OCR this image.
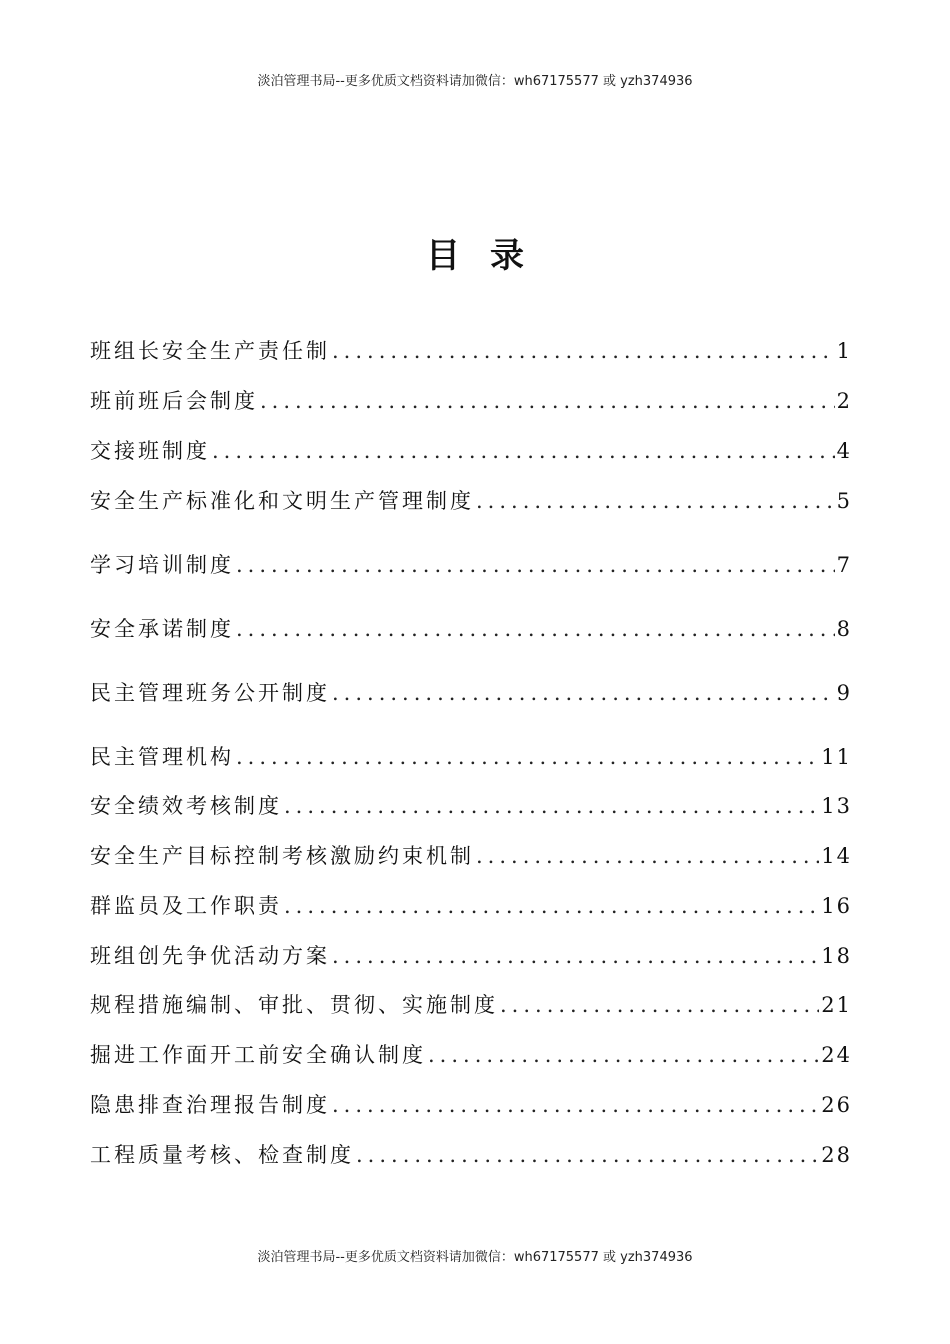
淡泊管理书局--更多优质文档资料请加微信：wh67175577 或 yzh374936
目录
班组长安全生产责任制 .....	1
班前班后会制度 .....	2
交接班制度 .....	4
安全生产标准化和文明生产管理制度 .....	5
学习培训制度 .....	7
安全承诺制度 .....	8
民主管理班务公开制度 .....	9
民主管理机构 .....	11
安全绩效考核制度 .....	13
安全生产目标控制考核激励约束机制 .....	14
群监员及工作职责 .....	16
班组创先争优活动方案 .....	18
规程措施编制、审批、贯彻、实施制度 .....	21
掘进工作面开工前安全确认制度 .....	24
隐患排查治理报告制度 .....	26
工程质量考核、检查制度 .....	28
淡泊管理书局--更多优质文档资料请加微信：wh67175577 或 yzh374936
